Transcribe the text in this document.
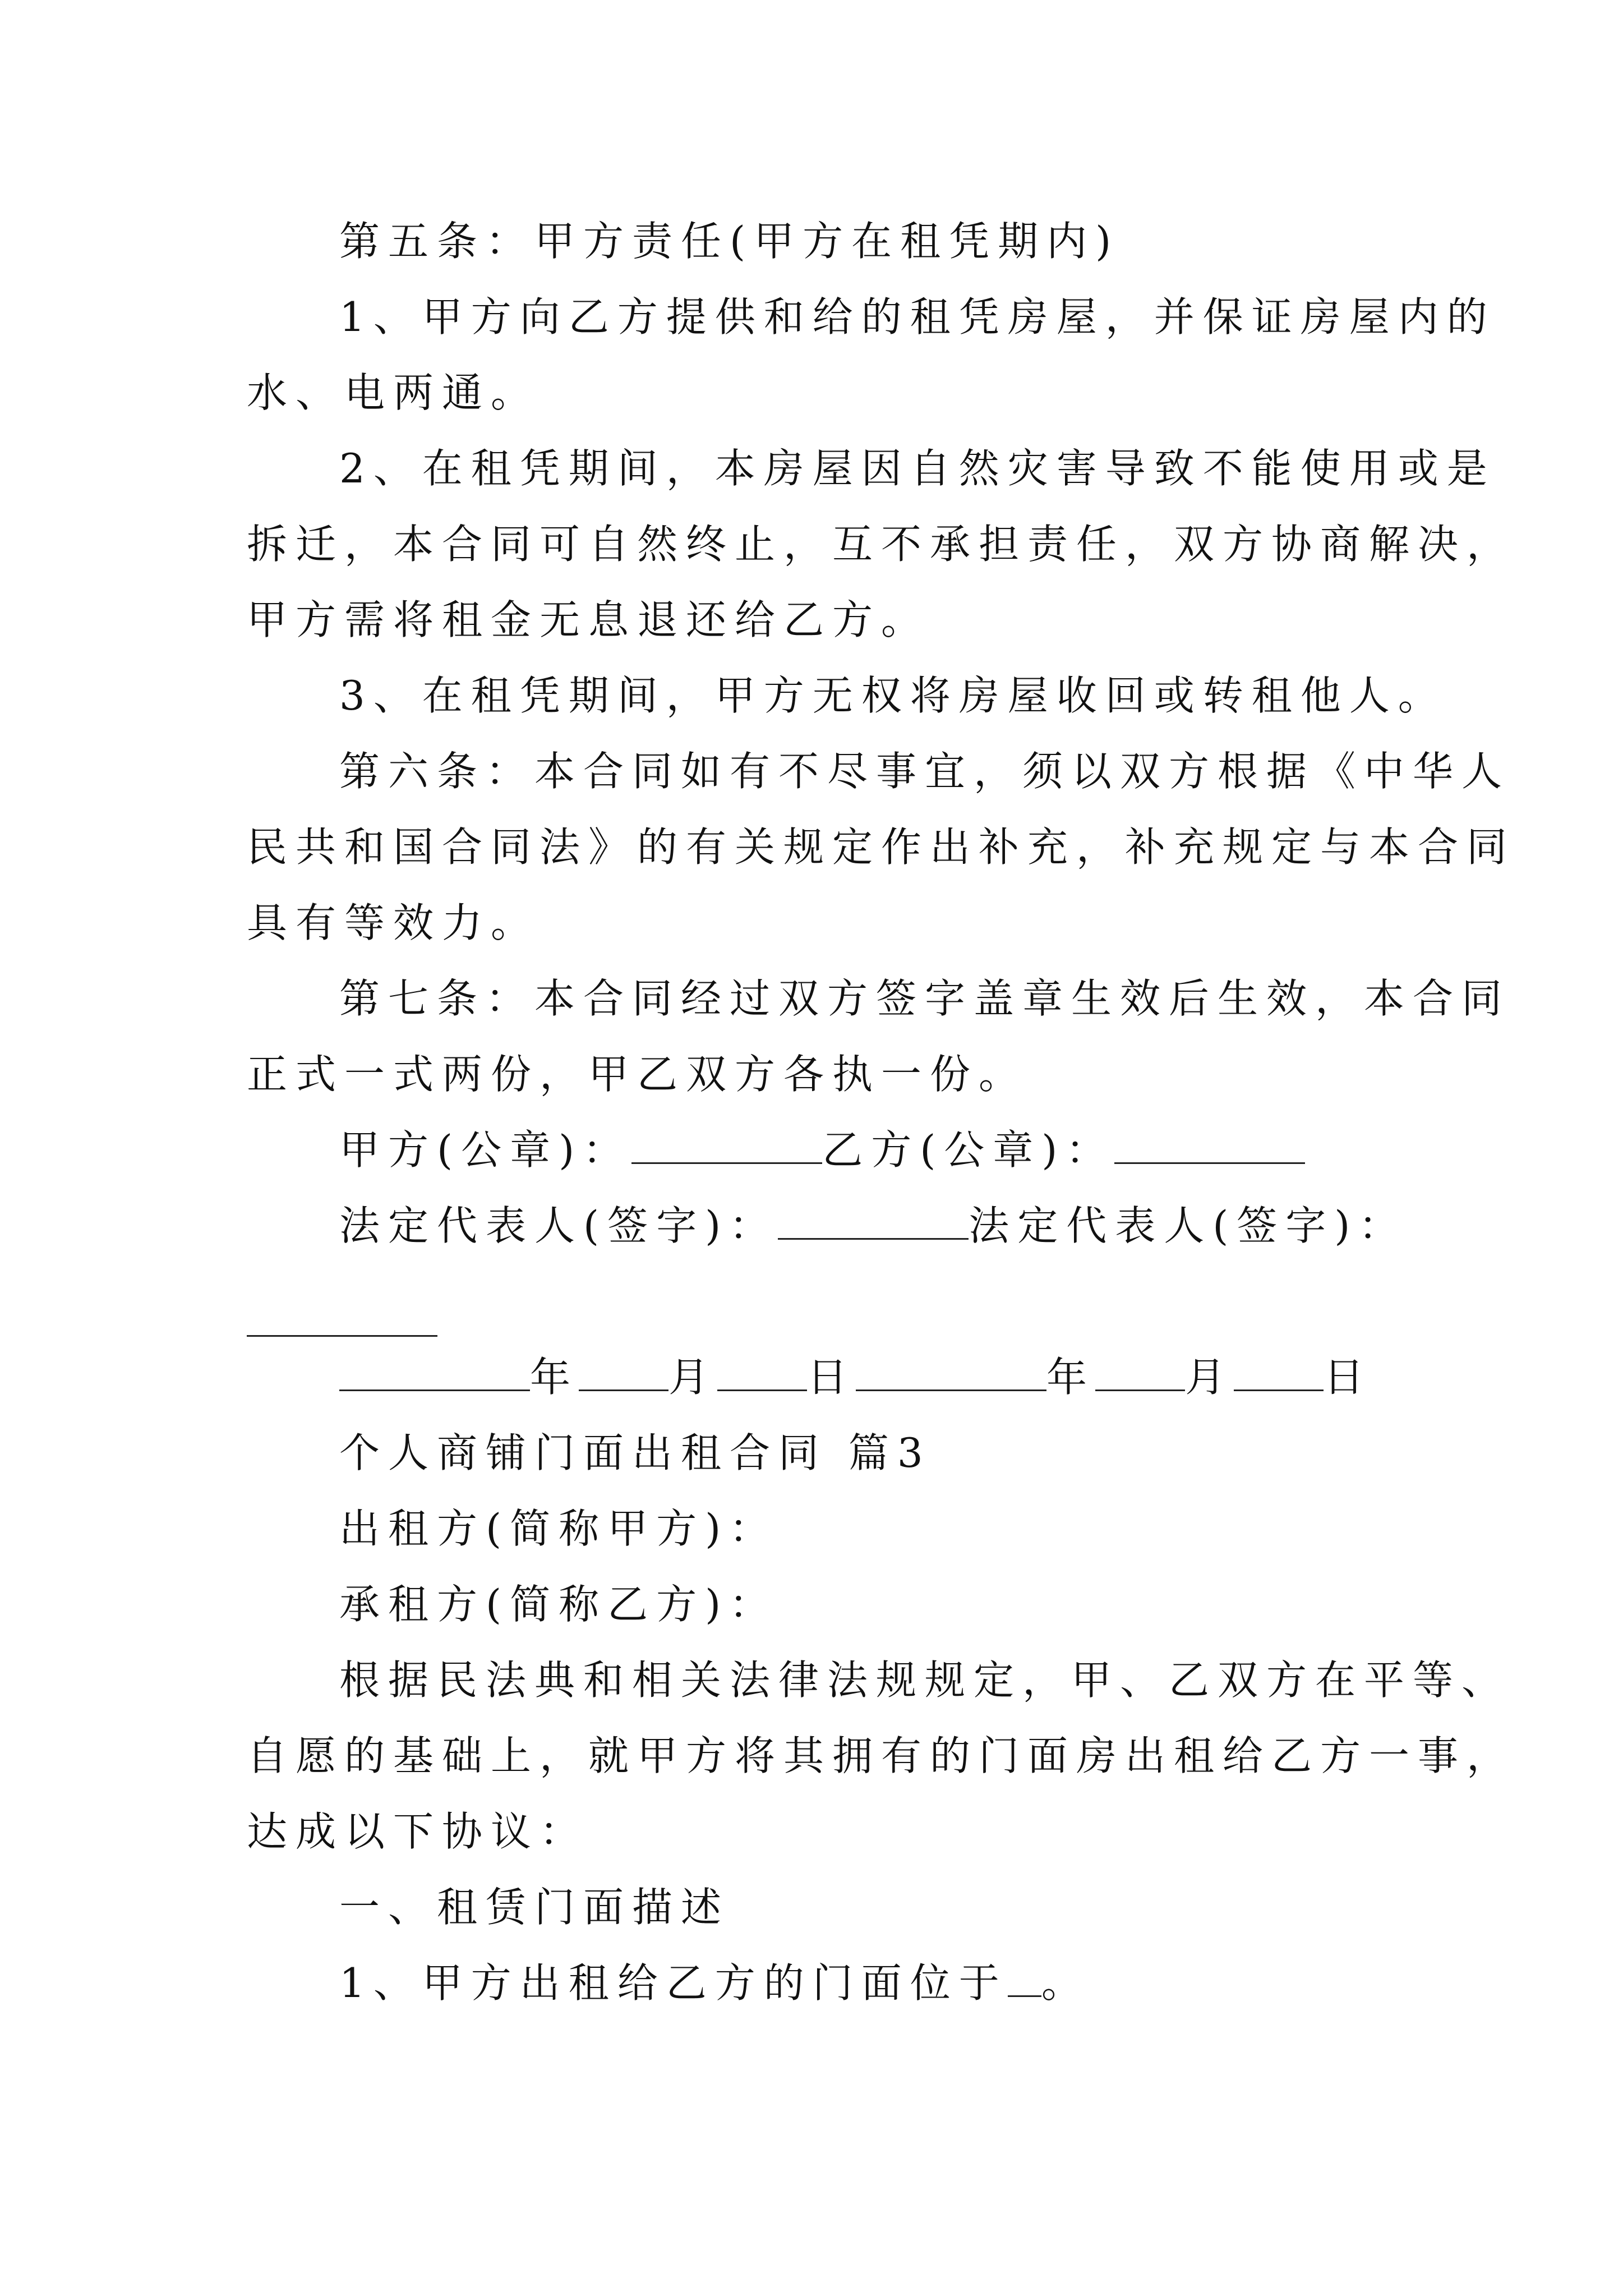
第五条：甲方责任(甲方在租凭期内)
1、甲方向乙方提供和给的租凭房屋，并保证房屋内的
水、电两通。
2、在租凭期间，本房屋因自然灾害导致不能使用或是
拆迁，本合同可自然终止，互不承担责任，双方协商解决，
甲方需将租金无息退还给乙方。
3、在租凭期间，甲方无权将房屋收回或转租他人。
第六条：本合同如有不尽事宜，须以双方根据《中华人
民共和国合同法》的有关规定作出补充，补充规定与本合同
具有等效力。
第七条：本合同经过双方签字盖章生效后生效，本合同
正式一式两份，甲乙双方各执一份。
甲方(公章)：	乙方(公章)：
法定代表人(签字)：	法定代表人(签字)：
年 月 日	年 月 日
个人商铺门面出租合同 篇3
出租方(简称甲方)：
承租方(简称乙方)：
根据民法典和相关法律法规规定，甲、乙双方在平等、
自愿的基础上，就甲方将其拥有的门面房出租给乙方一事，
达成以下协议：
一、租赁门面描述
1、甲方出租给乙方的门面位于 。
